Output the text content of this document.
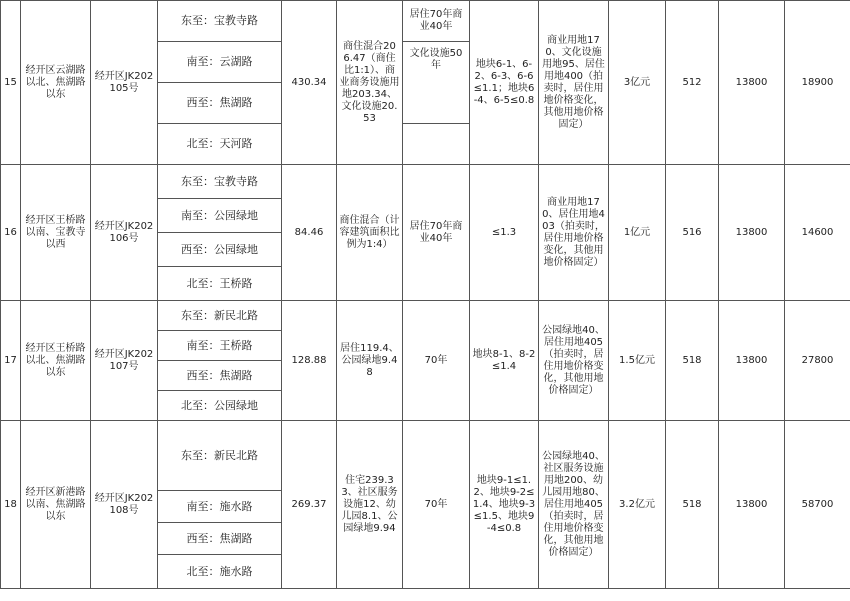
15	经开区云湖路以北、焦湖路以东	经开区JK202105号	东至：宝教寺路	430.34	商住混合206.47（商住比1:1）、商业商务设施用地203.34、文化设施20.53	居住70年商业40年	地块6-1、6-2、6-3、6-6≤1.1；地块6-4、6-5≤0.8	商业用地170、文化设施用地95、居住用地400（拍卖时，居住用地价格变化，其他用地价格固定）	3亿元	512	13800	18900
			南至：云湖路			文化设施50年						
			西至：焦湖路									
			北至：天河路									
16	经开区王桥路以南、宝教寺以西	经开区JK202106号	东至：宝教寺路	84.46	商住混合（计容建筑面积比例为1:4）	居住70年商业40年	≤1.3	商业用地170、居住用地403（拍卖时，居住用地价格变化，其他用地价格固定）	1亿元	516	13800	14600
			南至：公园绿地									
			西至：公园绿地									
			北至：王桥路									
17	经开区王桥路以北、焦湖路以东	经开区JK202107号	东至：新民北路	128.88	居住119.4、公园绿地9.48	70年	地块8-1、8-2≤1.4	公园绿地40、居住用地405（拍卖时，居住用地价格变化，其他用地价格固定）	1.5亿元	518	13800	27800
			南至：王桥路									
			西至：焦湖路									
			北至：公园绿地									
18	经开区新港路以南、焦湖路以东	经开区JK202108号	东至：新民北路	269.37	住宅239.33、社区服务设施12、幼儿园8.1、公园绿地9.94	70年	地块9-1≤1.2、地块9-2≤1.4、地块9-3≤1.5、地块9-4≤0.8	公园绿地40、社区服务设施用地200、幼儿园用地80、居住用地405（拍卖时，居住用地价格变化，其他用地价格固定）	3.2亿元	518	13800	58700
			南至：施水路									
			西至：焦湖路									
			北至：施水路									
